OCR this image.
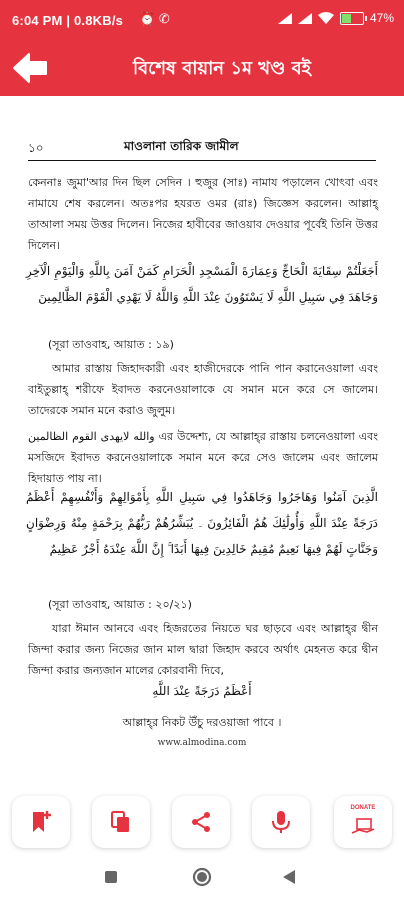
6:04 PM | 0.8KB/s ⏰ ✆	47%
বিশেষ বায়ান ১ম খণ্ড বই
১০	মাওলানা তারিক জামীল
কেননাঃ জুমা'আর দিন ছিল সেদিন । হুজুর (সাঃ) নামায পড়ালেন খোৎবা এবং নামাযে শেষ করলেন। অতঃপর হযরত ওমর (রাঃ) জিজ্ঞেস করলেন। আল্লাহ্‌ তাআলা সময় উত্তর দিলেন। নিজের হাবীবের জাওয়াব দেওয়ার পূর্বেই তিনি উত্তর দিলেন।
أَجَعَلْتُمْ سِقَايَةَ الْحَاجِّ وَعِمَارَةَ الْمَسْجِدِ الْحَرَامِ كَمَنْ آمَنَ بِاللَّهِ وَالْيَوْمِ الْآخِرِ وَجَاهَدَ فِي سَبِيلِ اللَّهِ لَا يَسْتَوُونَ عِنْدَ اللَّهِ وَاللَّهُ لَا يَهْدِي الْقَوْمَ الظَّالِمِينَ
(সূরা তাওবাহ, আয়াত : ১৯)
আমার রাস্তায় জিহাদকারী এবং হাজীদেরকে পানি পান করানেওয়ালা এবং বাইতুল্লাহ্‌ শরীফে ইবাদত করনেওয়ালাকে যে সমান মনে করে সে জালেম। তাদেরকে সমান মনে করাও জুলুম।
والله لايهدى القوم الظالمين এর উদ্দেশ্য, যে আল্লাহ্‌র রাস্তায় চলনেওয়ালা এবং মসজিদে ইবাদত করনেওয়ালাকে সমান মনে করে সেও জালেম এবং জালেম হিদায়াত পায় না।
الَّذِينَ آمَنُوا وَهَاجَرُوا وَجَاهَدُوا فِي سَبِيلِ اللَّهِ بِأَمْوَالِهِمْ وَأَنْفُسِهِمْ أَعْظَمُ دَرَجَةً عِنْدَ اللَّهِ وَأُولَٰئِكَ هُمُ الْفَائِزُونَ ۔ يُبَشِّرُهُمْ رَبُّهُمْ بِرَحْمَةٍ مِنْهُ وَرِضْوَانٍ وَجَنَّاتٍ لَهُمْ فِيهَا نَعِيمٌ مُقِيمٌ خَالِدِينَ فِيهَا أَبَدًا ۚ إِنَّ اللَّهَ عِنْدَهُ أَجْرٌ عَظِيمٌ
(সূরা তাওবাহ, আয়াত : ২০/২১)
যারা ঈমান আনবে এবং হিজরতের নিয়তে ঘর ছাড়বে এবং আল্লাহ্‌র দ্বীন জিন্দা করার জন্য নিজের জান মাল দ্বারা জিহাদ করবে অর্থাৎ মেহনত করে দ্বীন জিন্দা করার জন্যজান মালের কোরবানী দিবে,
أَعْظَمُ دَرَجَةً عِنْدَ اللَّهِ
আল্লাহ্‌র নিকট উঁচু দরওয়াজা পাবে ।
www.almodina.com
DONATE
